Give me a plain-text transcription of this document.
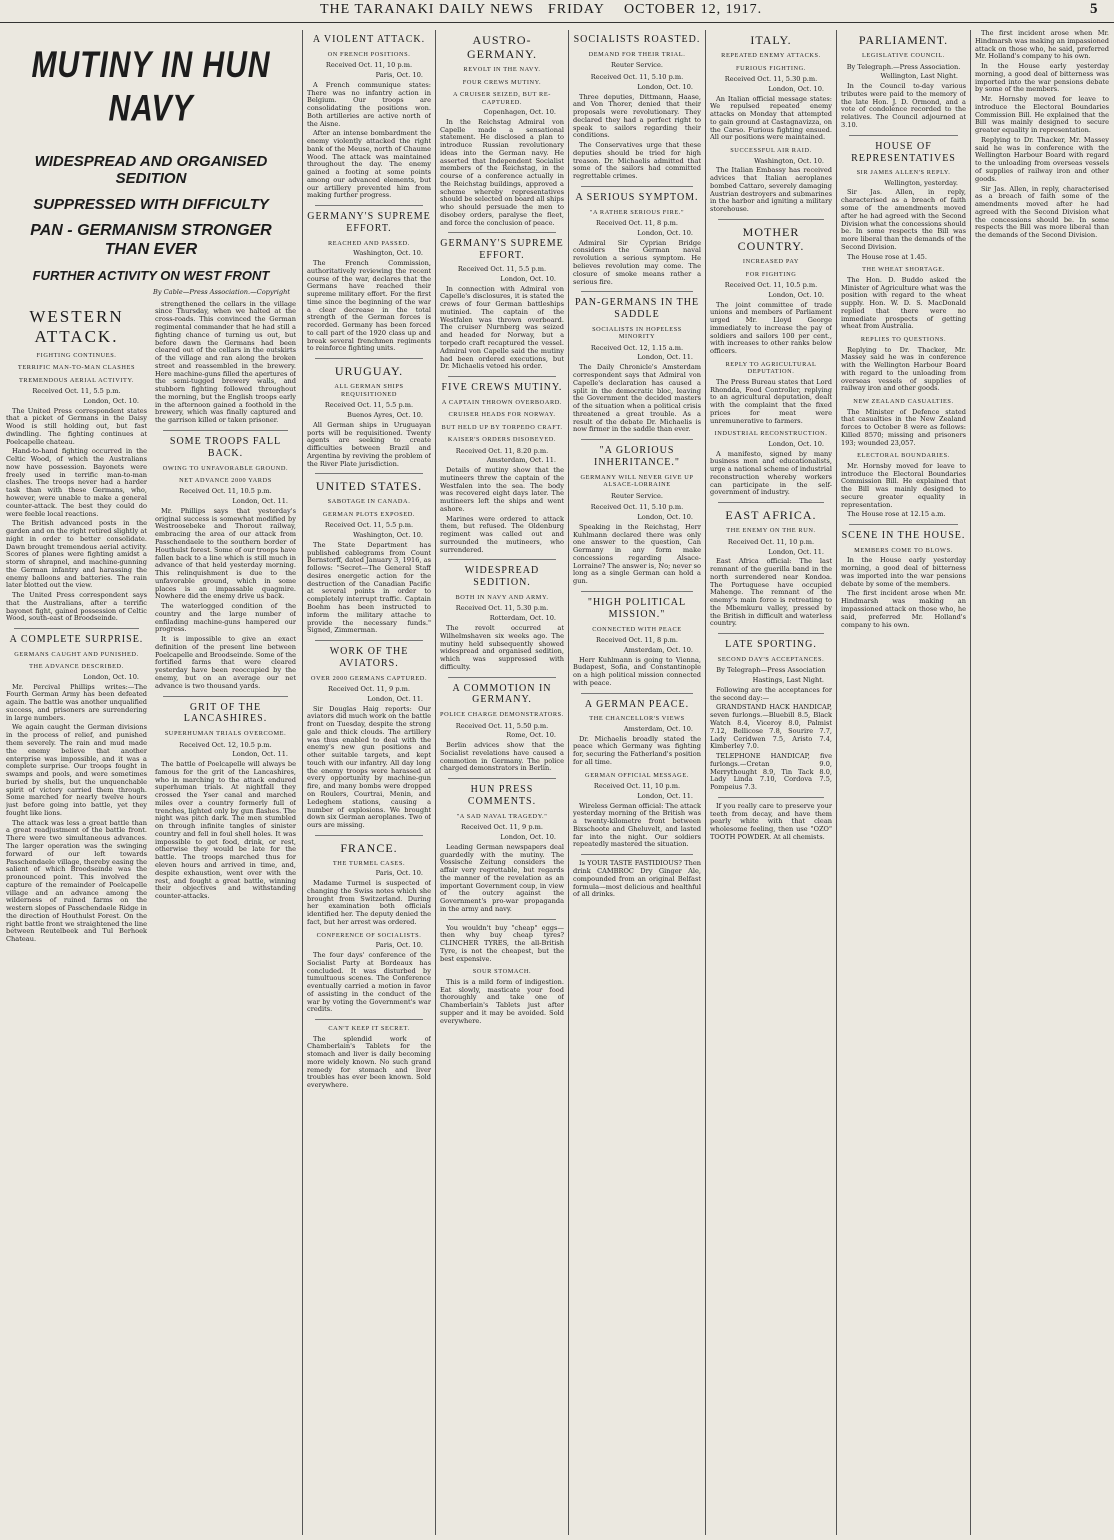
THE TARANAKI DAILY NEWS FRIDAY OCTOBER 12, 1917.	5

MUTINY IN HUN NAVY

WIDESPREAD AND ORGANISED SEDITION

SUPPRESSED WITH DIFFICULTY

PAN - GERMANISM STRONGER THAN EVER

FURTHER ACTIVITY ON WEST FRONT

By Cable—Press Association.—Copyright

WESTERN ATTACK.
FIGHTING CONTINUES.
TERRIFIC MAN-TO-MAN CLASHES
TREMENDOUS AERIAL ACTIVITY.
Received Oct. 11, 5.5 p.m.
London, Oct. 10.

The United Press correspondent states that a picket of Germans in the Daisy Wood is still holding out, but fast dwindling. The fighting continues at Poelcapelle chateau.

Hand-to-hand fighting occurred in the Celtic Wood, of which the Australians now have possession. Bayonets were freely used in terrific man-to-man clashes. The troops never had a harder task than with these Germans, who, however, were unable to make a general counter-attack. The best they could do were feeble local reactions.

The British advanced posts in the garden and on the right retired slightly at night in order to better consolidate. Dawn brought tremendous aerial activity. Scores of planes were fighting amidst a storm of shrapnel, and machine-gunning the German infantry and harassing the enemy balloons and batteries. The rain later blotted out the view.

The United Press correspondent says that the Australians, after a terrific bayonet fight, gained possession of Celtic Wood, south-east of Broodseinde.

A COMPLETE SURPRISE.
GERMANS CAUGHT AND PUNISHED.
THE ADVANCE DESCRIBED.
London, Oct. 10.

Mr. Percival Phillips writes:—The Fourth German Army has been defeated again. The battle was another unqualified success, and prisoners are surrendering in large numbers.

We again caught the German divisions in the process of relief, and punished them severely. The rain and mud made the enemy believe that another enterprise was impossible, and it was a complete surprise. Our troops fought in swamps and pools, and were sometimes buried by shells, but the unquenchable spirit of victory carried them through. Some marched for nearly twelve hours just before going into battle, yet they fought like lions.

The attack was less a great battle than a great readjustment of the battle front. There were two simultaneous advances. The larger operation was the swinging forward of our left towards Passchendaele village, thereby easing the salient of which Broodseinde was the pronounced point. This involved the capture of the remainder of Poelcapelle village and an advance among the wilderness of ruined farms on the western slopes of Passchendaele Ridge in the direction of Houthulst Forest. On the right battle front we straightened the line between Reutelbeek and Tul Berhoek Chateau.

strengthened the cellars in the village since Thursday, when we halted at the cross-roads. This convinced the German regimental commander that he had still a fighting chance of turning us out, but before dawn the Germans had been cleared out of the cellars in the outskirts of the village and ran along the broken street and reassembled in the brewery. Here machine-guns filled the apertures of the semi-tugged brewery walls, and stubborn fighting followed throughout the morning, but the English troops early in the afternoon gained a foothold in the brewery, which was finally captured and the garrison killed or taken prisoner.

SOME TROOPS FALL BACK.
OWING TO UNFAVORABLE GROUND.
NET ADVANCE 2000 YARDS
Received Oct. 11, 10.5 p.m.
London, Oct. 11.

Mr. Phillips says that yesterday's original success is somewhat modified by Westroosebeke and Thorout railway, embracing the area of our attack from Passchendaele to the southern border of Houthulst forest. Some of our troops have fallen back to a line which is still much in advance of that held yesterday morning. This relinquishment is due to the unfavorable ground, which in some places is an impassable quagmire. Nowhere did the enemy drive us back.

The waterlogged condition of the country and the large number of enfilading machine-guns hampered our progress.

It is impossible to give an exact definition of the present line between Poelcapelle and Broodseinde. Some of the fortified farms that were cleared yesterday have been reoccupied by the enemy, but on an average our net advance is two thousand yards.

GRIT OF THE LANCASHIRES.
SUPERHUMAN TRIALS OVERCOME.
Received Oct. 12, 10.5 p.m.
London, Oct. 11.

The battle of Poelcapelle will always be famous for the grit of the Lancashires, who in marching to the attack endured superhuman trials. At nightfall they crossed the Yser canal and marched miles over a country formerly full of trenches, lighted only by gun flashes. The night was pitch dark. The men stumbled on through infinite tangles of sinister country and fell in foul shell holes. It was impossible to get food, drink, or rest, otherwise they would be late for the battle. The troops marched thus for eleven hours and arrived in time, and, despite exhaustion, went over with the rest, and fought a great battle, winning their objectives and withstanding counter-attacks.

A VIOLENT ATTACK.
ON FRENCH POSITIONS.
Received Oct. 11, 10 p.m.
Paris, Oct. 10.

A French communique states: There was no infantry action in Belgium. Our troops are consolidating the positions won. Both artilleries are active north of the Aisne.

After an intense bombardment the enemy violently attacked the right bank of the Meuse, north of Chaume Wood. The attack was maintained throughout the day. The enemy gained a footing at some points among our advanced elements, but our artillery prevented him from making further progress.

GERMANY'S SUPREME EFFORT.
REACHED AND PASSED.
Washington, Oct. 10.

The French Commission, authoritatively reviewing the recent course of the war, declares that the Germans have reached their supreme military effort. For the first time since the beginning of the war a clear decrease in the total strength of the German forces is recorded. Germany has been forced to call part of the 1920 class up and break several frenchmen regiments to reinforce fighting units.

URUGUAY.
ALL GERMAN SHIPS REQUISITIONED
Received Oct. 11, 5.5 p.m.
Buenos Ayres, Oct. 10.

All German ships in Uruguayan ports will be requisitioned. Twenty agents are seeking to create difficulties between Brazil and Argentina by reviving the problem of the River Plate jurisdiction.

UNITED STATES.
SABOTAGE IN CANADA.
GERMAN PLOTS EXPOSED.
Received Oct. 11, 5.5 p.m.
Washington, Oct. 10.

The State Department has published cablegrams from Count Bernstorff, dated January 3, 1916, as follows: "Secret—The General Staff desires energetic action for the destruction of the Canadian Pacific at several points in order to completely interrupt traffic. Captain Boehm has been instructed to inform the military attache to provide the necessary funds." Signed, Zimmerman.

WORK OF THE AVIATORS.
OVER 2000 GERMANS CAPTURED.
Received Oct. 11, 9 p.m.
London, Oct. 11.

Sir Douglas Haig reports: Our aviators did much work on the battle front on Tuesday, despite the strong gale and thick clouds. The artillery was thus enabled to deal with the enemy's new gun positions and other suitable targets, and kept touch with our infantry. All day long the enemy troops were harassed at every opportunity by machine-gun fire, and many bombs were dropped on Roulers, Courtrai, Menin, and Ledeghem stations, causing a number of explosions. We brought down six German aeroplanes. Two of ours are missing.

FRANCE.
THE TURMEL CASES.
Paris, Oct. 10.

Madame Turmel is suspected of changing the Swiss notes which she brought from Switzerland. During her examination both officials identified her. The deputy denied the fact, but her arrest was ordered.

CONFERENCE OF SOCIALISTS.
Paris, Oct. 10.

The four days' conference of the Socialist Party at Bordeaux has concluded. It was disturbed by tumultuous scenes. The Conference eventually carried a motion in favor of assisting in the conduct of the war by voting the Government's war credits.

CAN'T KEEP IT SECRET.

The splendid work of Chamberlain's Tablets for the stomach and liver is daily becoming more widely known. No such grand remedy for stomach and liver troubles has ever been known. Sold everywhere.

AUSTRO-GERMANY.
REVOLT IN THE NAVY.
FOUR CREWS MUTINY.
A CRUISER SEIZED, BUT RE-CAPTURED.
Copenhagen, Oct. 10.

In the Reichstag Admiral von Capelle made a sensational statement. He disclosed a plan to introduce Russian revolutionary ideas into the German navy. He asserted that Independent Socialist members of the Reichstag, in the course of a conference actually in the Reichstag buildings, approved a scheme whereby representatives should be selected on board all ships who should persuade the men to disobey orders, paralyse the fleet, and force the conclusion of peace.

GERMANY'S SUPREME EFFORT.
Received Oct. 11, 5.5 p.m.
London, Oct. 10.

In connection with Admiral von Capelle's disclosures, it is stated the crews of four German battleships mutinied. The captain of the Westfalen was thrown overboard. The cruiser Nurnberg was seized and headed for Norway, but a torpedo craft recaptured the vessel. Admiral von Capelle said the mutiny had been ordered executions, but Dr. Michaelis vetoed his order.

FIVE CREWS MUTINY.
A CAPTAIN THROWN OVERBOARD.
CRUISER HEADS FOR NORWAY.
BUT HELD UP BY TORPEDO CRAFT.
KAISER'S ORDERS DISOBEYED.
Received Oct. 11, 8.20 p.m.
Amsterdam, Oct. 11.

Details of mutiny show that the mutineers threw the captain of the Westfalen into the sea. The body was recovered eight days later. The mutineers left the ships and went ashore.

Marines were ordered to attack them, but refused. The Oldenburg regiment was called out and surrounded the mutineers, who surrendered.

WIDESPREAD SEDITION.
BOTH IN NAVY AND ARMY.
Received Oct. 11, 5.30 p.m.
Rotterdam, Oct. 10.

The revolt occurred at Wilhelmshaven six weeks ago. The mutiny held subsequently showed widespread and organised sedition, which was suppressed with difficulty.

A COMMOTION IN GERMANY.
POLICE CHARGE DEMONSTRATORS.
Received Oct. 11, 5.50 p.m.
Rome, Oct. 10.

Berlin advices show that the Socialist revelations have caused a commotion in Germany. The police charged demonstrators in Berlin.

HUN PRESS COMMENTS.
"A SAD NAVAL TRAGEDY."
Received Oct. 11, 9 p.m.
London, Oct. 10.

Leading German newspapers deal guardedly with the mutiny. The Vossische Zeitung considers the affair very regrettable, but regards the manner of the revelation as an important Government coup, in view of the outcry against the Government's pro-war propaganda in the army and navy.

You wouldn't buy "cheap" eggs—then why buy cheap tyres? CLINCHER TYRES, the all-British Tyre, is not the cheapest, but the best expensive.

SOUR STOMACH.

This is a mild form of indigestion. Eat slowly, masticate your food thoroughly and take one of Chamberlain's Tablets just after supper and it may be avoided. Sold everywhere.

SOCIALISTS ROASTED.
DEMAND FOR THEIR TRIAL.
Reuter Service.
Received Oct. 11, 5.10 p.m.
London, Oct. 10.

Three deputies, Dittmann, Haase, and Von Thorer, denied that their proposals were revolutionary. They declared they had a perfect right to speak to sailors regarding their conditions.

The Conservatives urge that these deputies should be tried for high treason. Dr. Michaelis admitted that some of the sailors had committed regrettable crimes.

A SERIOUS SYMPTOM.
"A RATHER SERIOUS FIRE."
Received Oct. 11, 8 p.m.
London, Oct. 10.

Admiral Sir Cyprian Bridge considers the German naval revolution a serious symptom. He believes revolution may come. The closure of smoke means rather a serious fire.

PAN-GERMANS IN THE SADDLE
SOCIALISTS IN HOPELESS MINORITY
Received Oct. 12, 1.15 a.m.
London, Oct. 11.

The Daily Chronicle's Amsterdam correspondent says that Admiral von Capelle's declaration has caused a split in the democratic bloc, leaving the Government the decided masters of the situation when a political crisis threatened a great trouble. As a result of the debate Dr. Michaelis is now firmer in the saddle than ever.

"A GLORIOUS INHERITANCE."
GERMANY WILL NEVER GIVE UP ALSACE-LORRAINE
Reuter Service.
Received Oct. 11, 5.10 p.m.
London, Oct. 10.

Speaking in the Reichstag, Herr Kuhlmann declared there was only one answer to the question, Can Germany in any form make concessions regarding Alsace-Lorraine? The answer is, No; never so long as a single German can hold a gun.

"HIGH POLITICAL MISSION."
CONNECTED WITH PEACE
Received Oct. 11, 8 p.m.
Amsterdam, Oct. 10.

Herr Kuhlmann is going to Vienna, Budapest, Sofia, and Constantinople on a high political mission connected with peace.

A GERMAN PEACE.
THE CHANCELLOR'S VIEWS
Amsterdam, Oct. 10.

Dr. Michaelis broadly stated the peace which Germany was fighting for, securing the Fatherland's position for all time.

GERMAN OFFICIAL MESSAGE.
Received Oct. 11, 10 p.m.
London, Oct. 11.

Wireless German official: The attack yesterday morning of the British was a twenty-kilometre front between Bixschoote and Gheluvelt, and lasted far into the night. Our soldiers repeatedly mastered the situation.

Is YOUR TASTE FASTIDIOUS? Then drink CAMBROC Dry Ginger Ale, compounded from an original Belfast formula—most delicious and healthful of all drinks.

ITALY.
REPEATED ENEMY ATTACKS.
FURIOUS FIGHTING.
Received Oct. 11, 5.30 p.m.
London, Oct. 10.

An Italian official message states: We repulsed repeated enemy attacks on Monday that attempted to gain ground at Castagnavizza, on the Carso. Furious fighting ensued. All our positions were maintained.

SUCCESSFUL AIR RAID.
Washington, Oct. 10.

The Italian Embassy has received advices that Italian aeroplanes bombed Cattaro, severely damaging Austrian destroyers and submarines in the harbor and igniting a military storehouse.

MOTHER COUNTRY.
INCREASED PAY
FOR FIGHTING
Received Oct. 11, 10.5 p.m.
London, Oct. 10.

The joint committee of trade unions and members of Parliament urged Mr. Lloyd George immediately to increase the pay of soldiers and sailors 100 per cent., with increases to other ranks below officers.

REPLY TO AGRICULTURAL DEPUTATION.

The Press Bureau states that Lord Rhondda, Food Controller, replying to an agricultural deputation, dealt with the complaint that the fixed prices for meat were unremunerative to farmers.

INDUSTRIAL RECONSTRUCTION.
London, Oct. 10.

A manifesto, signed by many business men and educationalists, urge a national scheme of industrial reconstruction whereby workers can participate in the self-government of industry.

EAST AFRICA.
THE ENEMY ON THE RUN.
Received Oct. 11, 10 p.m.
London, Oct. 11.

East Africa official: The last remnant of the guerilla band in the north surrendered near Kondoa. The Portuguese have occupied Mahenge. The remnant of the enemy's main force is retreating to the Mbemkuru valley, pressed by the British in difficult and waterless country.

LATE SPORTING.
SECOND DAY'S ACCEPTANCES.
By Telegraph—Press Association
Hastings, Last Night.

Following are the acceptances for the second day:—

GRANDSTAND HACK HANDICAP, seven furlongs.—Bluebill 8.5, Black Watch 8.4, Viceroy 8.0, Palmist 7.12, Bellicose 7.8, Sourire 7.7, Lady Ceridwen 7.5, Aristo 7.4, Kimberley 7.0.

TELEPHONE HANDICAP, five furlongs.—Cretan 9.0, Merrythought 8.9, Tin Tack 8.0, Lady Linda 7.10, Cordova 7.5, Pompeius 7.3.

If you really care to preserve your teeth from decay, and have them pearly white with that clean wholesome feeling, then use "OZO" TOOTH POWDER. At all chemists.

PARLIAMENT.
LEGISLATIVE COUNCIL.
By Telegraph.—Press Association.
Wellington, Last Night.

In the Council to-day various tributes were paid to the memory of the late Hon. J. D. Ormond, and a vote of condolence recorded to the relatives. The Council adjourned at 3.10.

HOUSE OF REPRESENTATIVES
SIR JAMES ALLEN'S REPLY.
Wellington, yesterday.

Sir Jas. Allen, in reply, characterised as a breach of faith some of the amendments moved after he had agreed with the Second Division what the concessions should be. In some respects the Bill was more liberal than the demands of the Second Division.

The House rose at 1.45.

THE WHEAT SHORTAGE.

The Hon. D. Buddo asked the Minister of Agriculture what was the position with regard to the wheat supply. Hon. W. D. S. MacDonald replied that there were no immediate prospects of getting wheat from Australia.

REPLIES TO QUESTIONS.

Replying to Dr. Thacker, Mr. Massey said he was in conference with the Wellington Harbour Board with regard to the unloading from overseas vessels of supplies of railway iron and other goods.

NEW ZEALAND CASUALTIES.

The Minister of Defence stated that casualties in the New Zealand forces to October 8 were as follows: Killed 8570; missing and prisoners 193; wounded 23,057.

ELECTORAL BOUNDARIES.

Mr. Hornsby moved for leave to introduce the Electoral Boundaries Commission Bill. He explained that the Bill was mainly designed to secure greater equality in representation.

The House rose at 12.15 a.m.

SCENE IN THE HOUSE.
MEMBERS COME TO BLOWS.

In the House early yesterday morning, a good deal of bitterness was imported into the war pensions debate by some of the members.

The first incident arose when Mr. Hindmarsh was making an impassioned attack on those who, he said, preferred Mr. Holland's company to his own.

The first incident arose when Mr. Hindmarsh was making an impassioned attack on those who, he said, preferred Mr. Holland's company to his own.

In the House early yesterday morning, a good deal of bitterness was imported into the war pensions debate by some of the members.

Mr. Hornsby moved for leave to introduce the Electoral Boundaries Commission Bill. He explained that the Bill was mainly designed to secure greater equality in representation.

Replying to Dr. Thacker, Mr. Massey said he was in conference with the Wellington Harbour Board with regard to the unloading from overseas vessels of supplies of railway iron and other goods.

Sir Jas. Allen, in reply, characterised as a breach of faith some of the amendments moved after he had agreed with the Second Division what the concessions should be. In some respects the Bill was more liberal than the demands of the Second Division.
